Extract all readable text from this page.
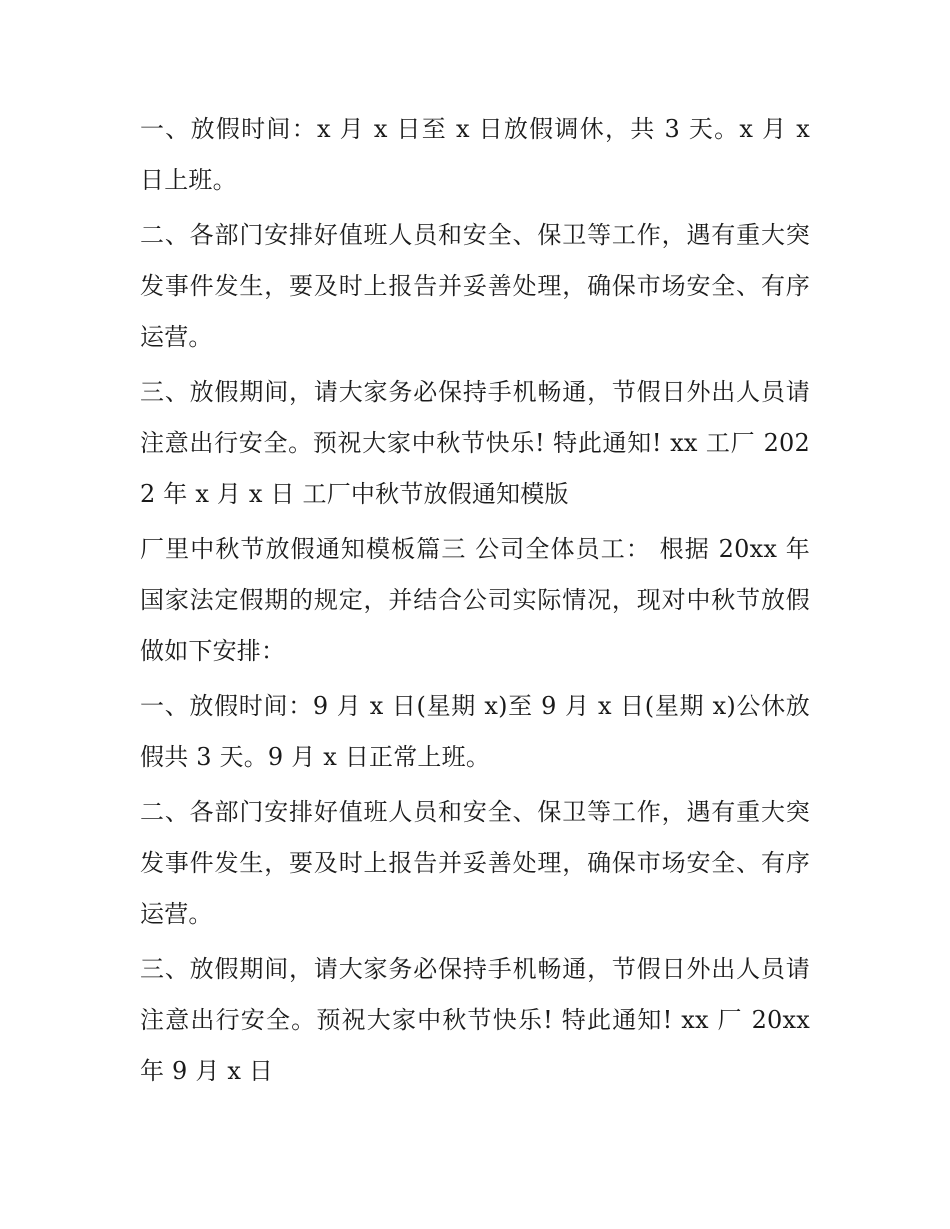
一、放假时间：x 月 x 日至 x 日放假调休，共 3 天。x 月 x 日上班。

二、各部门安排好值班人员和安全、保卫等工作，遇有重大突发事件发生，要及时上报告并妥善处理，确保市场安全、有序运营。

三、放假期间，请大家务必保持手机畅通，节假日外出人员请注意出行安全。预祝大家中秋节快乐! 特此通知! xx 工厂 2022 年 x 月 x 日 工厂中秋节放假通知模版

厂里中秋节放假通知模板篇三 公司全体员工： 根据 20xx 年国家法定假期的规定，并结合公司实际情况，现对中秋节放假做如下安排：

一、放假时间：9 月 x 日(星期 x)至 9 月 x 日(星期 x)公休放假共 3 天。9 月 x 日正常上班。

二、各部门安排好值班人员和安全、保卫等工作，遇有重大突发事件发生，要及时上报告并妥善处理，确保市场安全、有序运营。

三、放假期间，请大家务必保持手机畅通，节假日外出人员请注意出行安全。预祝大家中秋节快乐! 特此通知! xx 厂 20xx 年 9 月 x 日
